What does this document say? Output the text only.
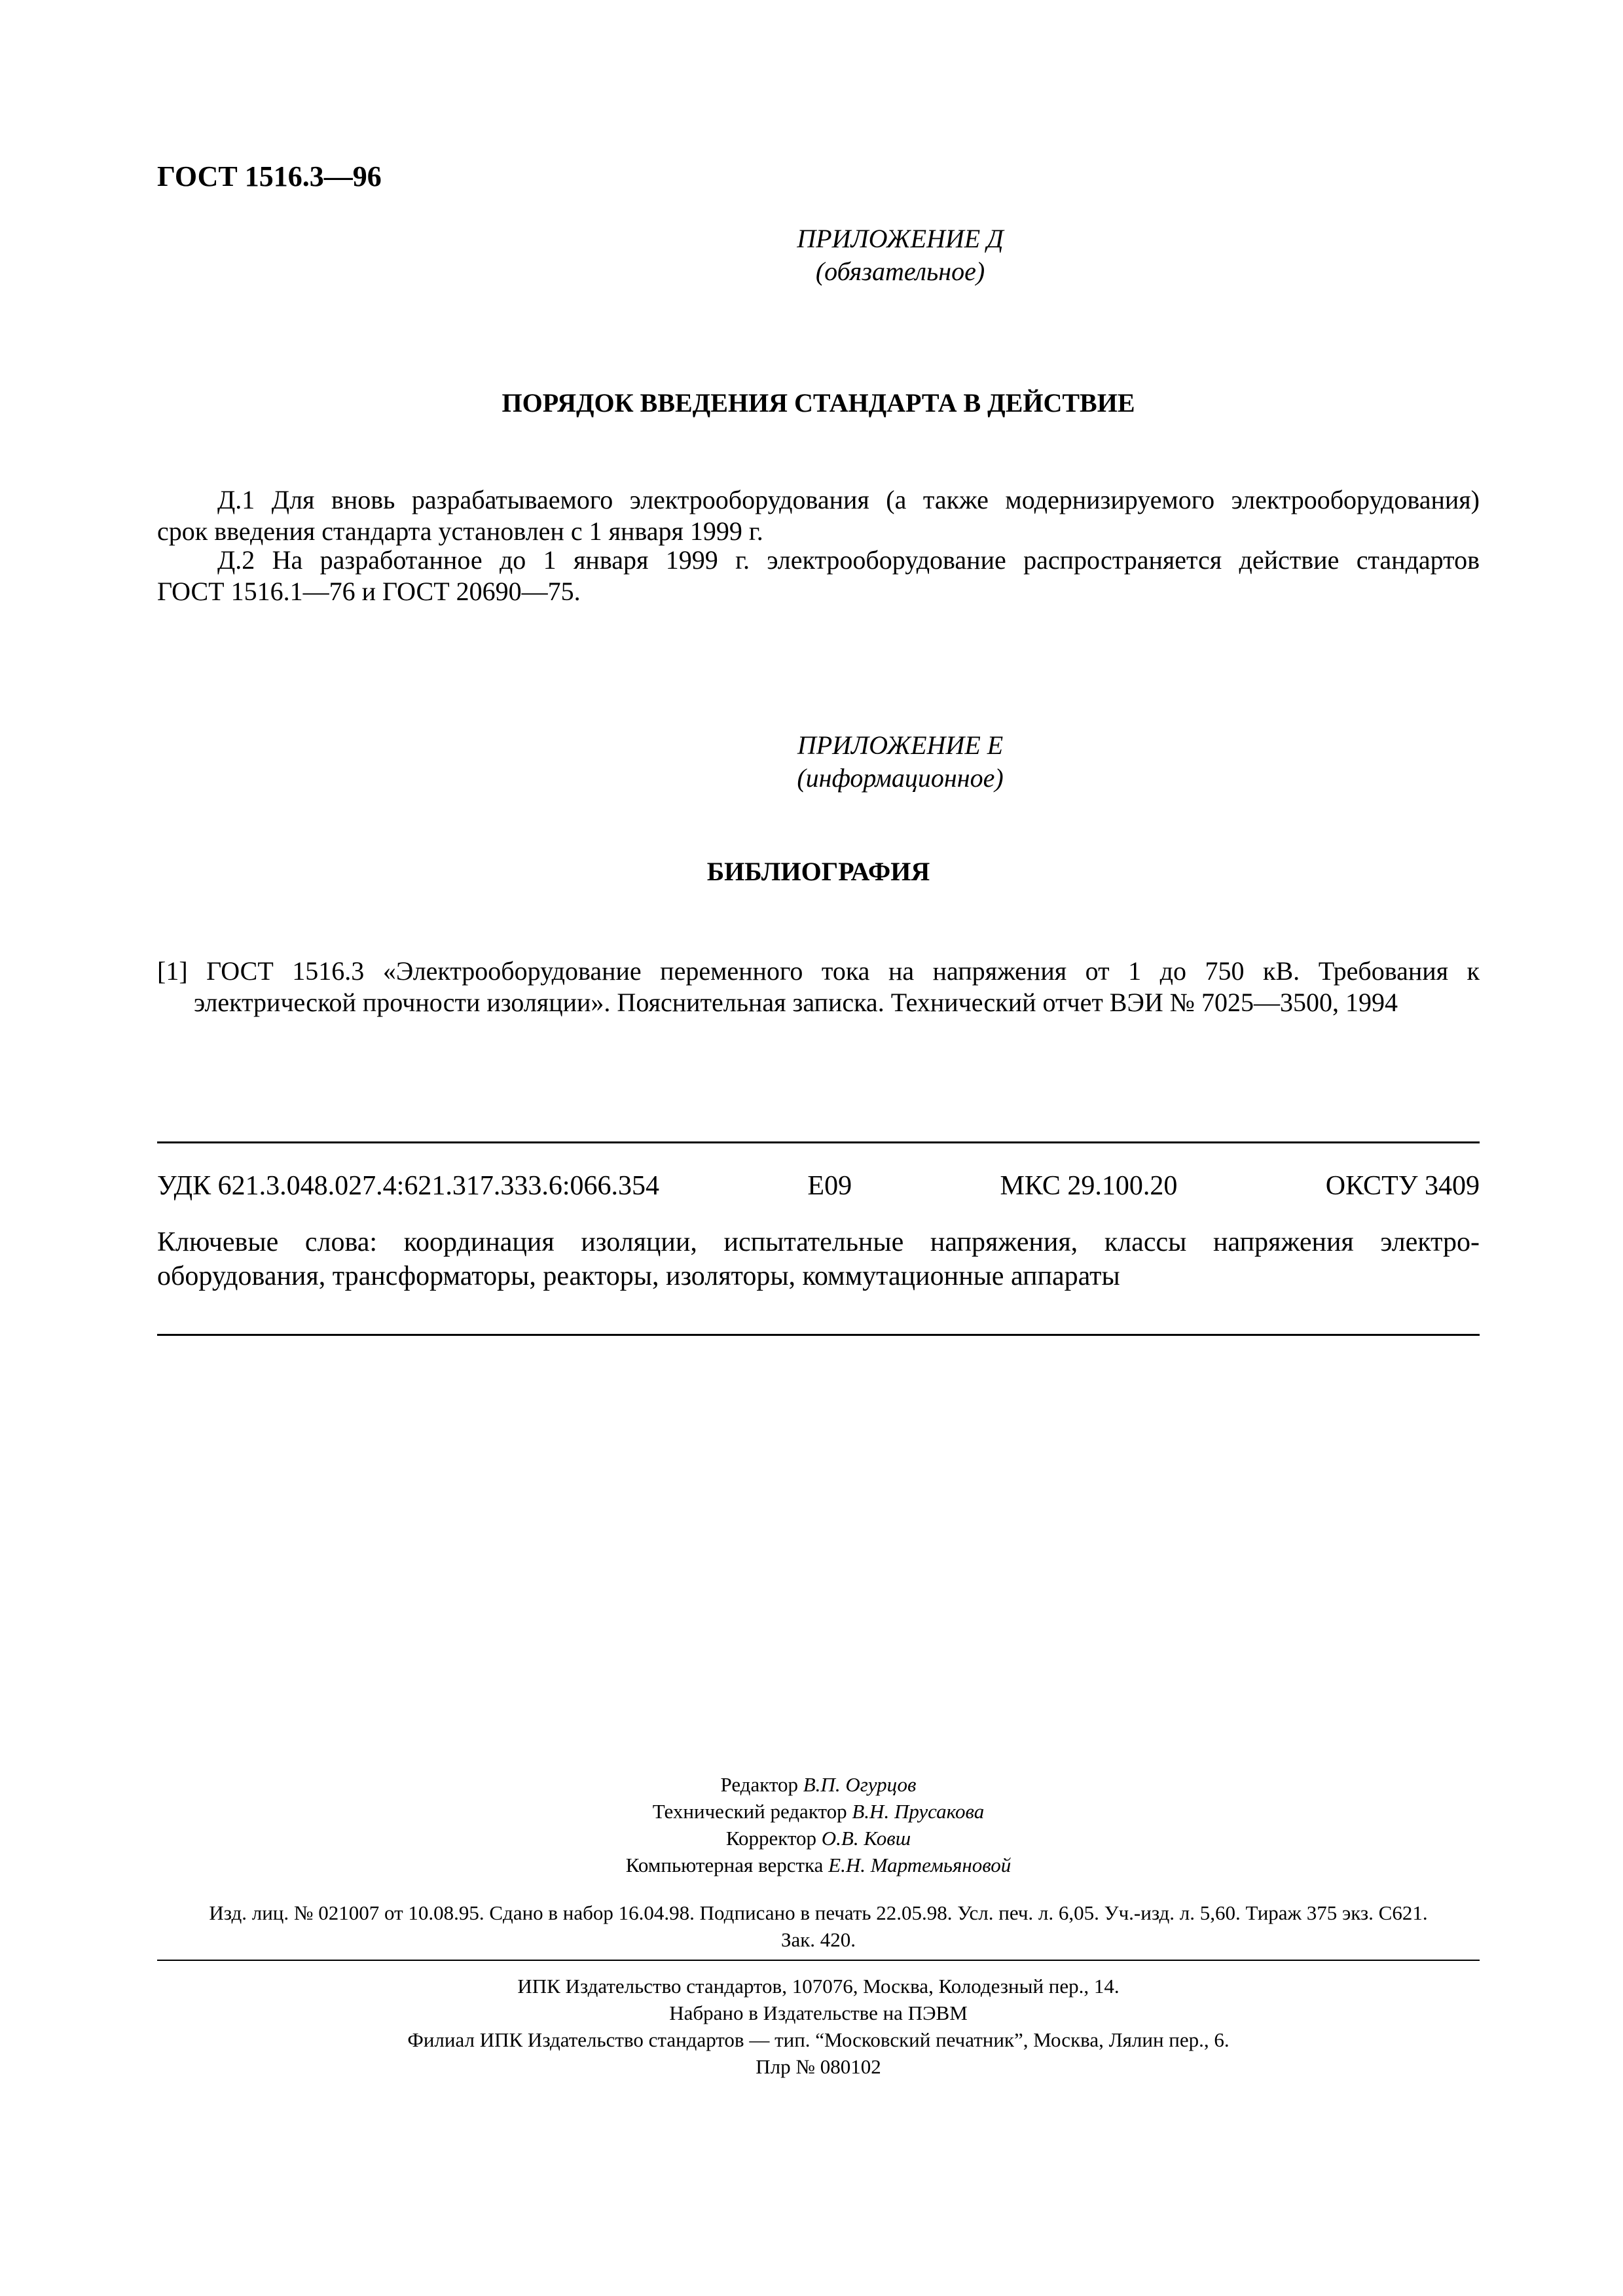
ГОСТ 1516.3—96
ПРИЛОЖЕНИЕ Д
(обязательное)
ПОРЯДОК ВВЕДЕНИЯ СТАНДАРТА В ДЕЙСТВИЕ
Д.1 Для вновь разрабатываемого электрооборудования (а также модернизируемого электрооборудования)
срок введения стандарта установлен с 1 января 1999 г.
Д.2 На разработанное до 1 января 1999 г. электрооборудование распространяется действие стандартов
ГОСТ 1516.1—76 и ГОСТ 20690—75.
ПРИЛОЖЕНИЕ Е
(информационное)
БИБЛИОГРАФИЯ
[1] ГОСТ 1516.3 «Электрооборудование переменного тока на напряжения от 1 до 750 кВ. Требования к
электрической прочности изоляции». Пояснительная записка. Технический отчет ВЭИ № 7025—3500, 1994
УДК 621.3.048.027.4:621.317.333.6:066.354	Е09	МКС 29.100.20	ОКСТУ 3409
Ключевые слова: координация изоляции, испытательные напряжения, классы напряжения электро-
оборудования, трансформаторы, реакторы, изоляторы, коммутационные аппараты
Редактор В.П. Огурцов
Технический редактор В.Н. Прусакова
Корректор О.В. Ковш
Компьютерная верстка Е.Н. Мартемьяновой
Изд. лиц. № 021007 от 10.08.95. Сдано в набор 16.04.98. Подписано в печать 22.05.98. Усл. печ. л. 6,05. Уч.-изд. л. 5,60. Тираж 375 экз. С621.
Зак. 420.
ИПК Издательство стандартов, 107076, Москва, Колодезный пер., 14.
Набрано в Издательстве на ПЭВМ
Филиал ИПК Издательство стандартов — тип. “Московский печатник”, Москва, Лялин пер., 6.
Плр № 080102
